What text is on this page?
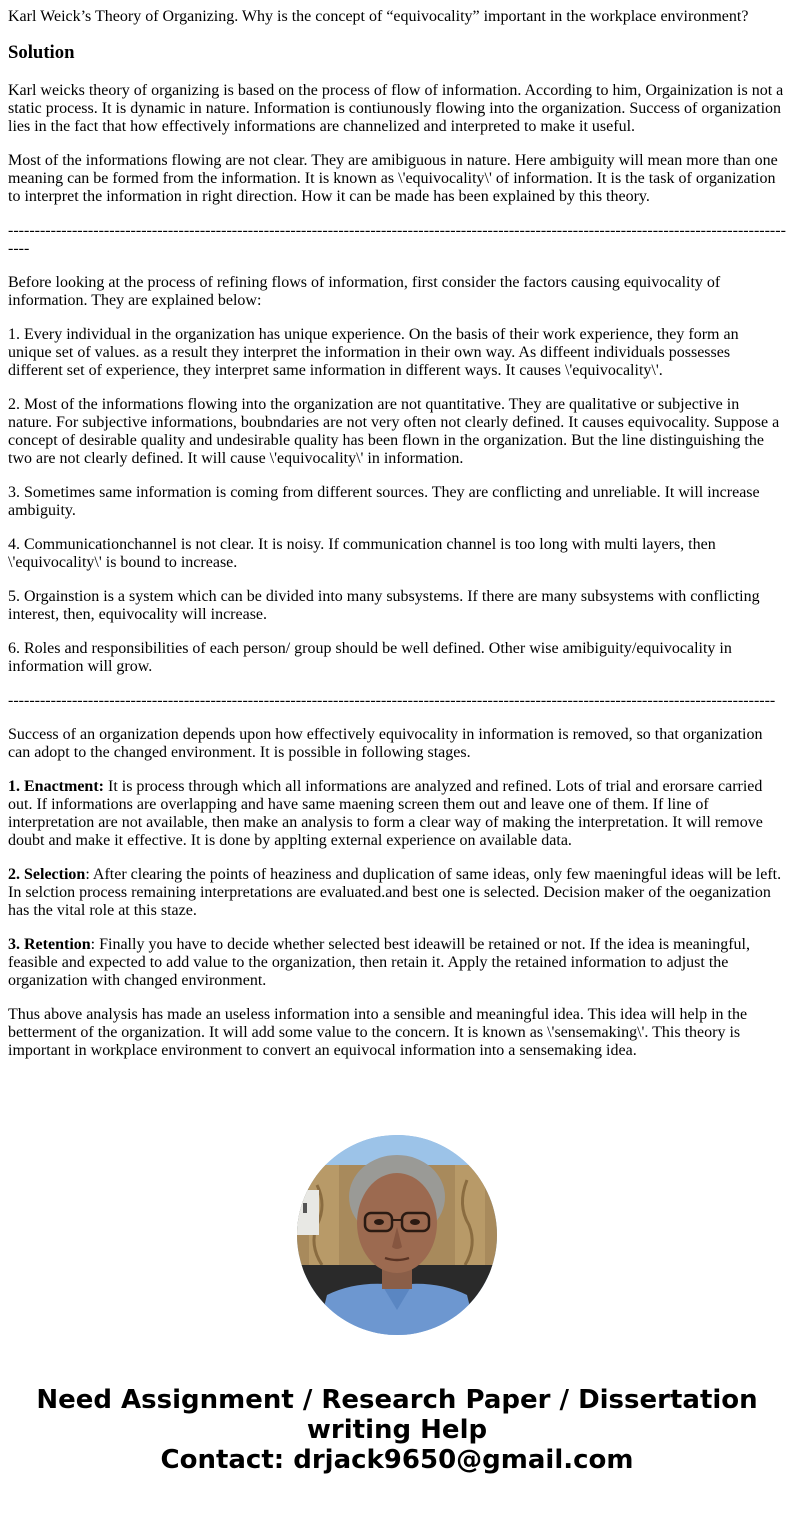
Karl Weick’s Theory of Organizing. Why is the concept of “equivocality” important in the workplace environment?

Solution

Karl weicks theory of organizing is based on the process of flow of information. According to him, Orgainization is not a static process. It is dynamic in nature. Information is contiunously flowing into the organization. Success of organization lies in the fact that how effectively informations are channelized and interpreted to make it useful.

Most of the informations flowing are not clear. They are amibiguous in nature. Here ambiguity will mean more than one meaning can be formed from the information. It is known as \'equivocality\' of information. It is the task of organization to interpret the information in right direction. How it can be made has been explained by this theory.

------------------------------------------------------------------------------------------------------------------------------------------------------

Before looking at the process of refining flows of information, first consider the factors causing equivocality of information. They are explained below:

1. Every individual in the organization has unique experience. On the basis of their work experience, they form an unique set of values. as a result they interpret the information in their own way. As diffeent individuals possesses different set of experience, they interpret same information in different ways. It causes \'equivocality\'.

2. Most of the informations flowing into the organization are not quantitative. They are qualitative or subjective in nature. For subjective informations, boubndaries are not very often not clearly defined. It causes equivocality. Suppose a concept of desirable quality and undesirable quality has been flown in the organization. But the line distinguishing the two are not clearly defined. It will cause \'equivocality\' in information.

3. Sometimes same information is coming from different sources. They are conflicting and unreliable. It will increase ambiguity.

4. Communicationchannel is not clear. It is noisy. If communication channel is too long with multi layers, then \'equivocality\' is bound to increase.

5. Orgainstion is a system which can be divided into many subsystems. If there are many subsystems with conflicting interest, then, equivocality will increase.

6. Roles and responsibilities of each person/ group should be well defined. Other wise amibiguity/equivocality in information will grow.

------------------------------------------------------------------------------------------------------------------------------------------------

Success of an organization depends upon how effectively equivocality in information is removed, so that organization can adopt to the changed environment. It is possible in following stages.

1. Enactment: It is process through which all informations are analyzed and refined. Lots of trial and erorsare carried out. If informations are overlapping and have same maening screen them out and leave one of them. If line of interpretation are not available, then make an analysis to form a clear way of making the interpretation. It will remove doubt and make it effective. It is done by applting external experience on available data.

2. Selection: After clearing the points of heaziness and duplication of same ideas, only few maeningful ideas will be left. In selction process remaining interpretations are evaluated.and best one is selected. Decision maker of the oeganization has the vital role at this staze.

3. Retention: Finally you have to decide whether selected best ideawill be retained or not. If the idea is meaningful, feasible and expected to add value to the organization, then retain it. Apply the retained information to adjust the organization with changed environment.

Thus above analysis has made an useless information into a sensible and meaningful idea. This idea will help in the betterment of the organization. It will add some value to the concern. It is known as \'sensemaking\'. This theory is important in workplace environment to convert an equivocal information into a sensemaking idea.

Need Assignment / Research Paper / Dissertation writing Help
Contact: drjack9650@gmail.com
